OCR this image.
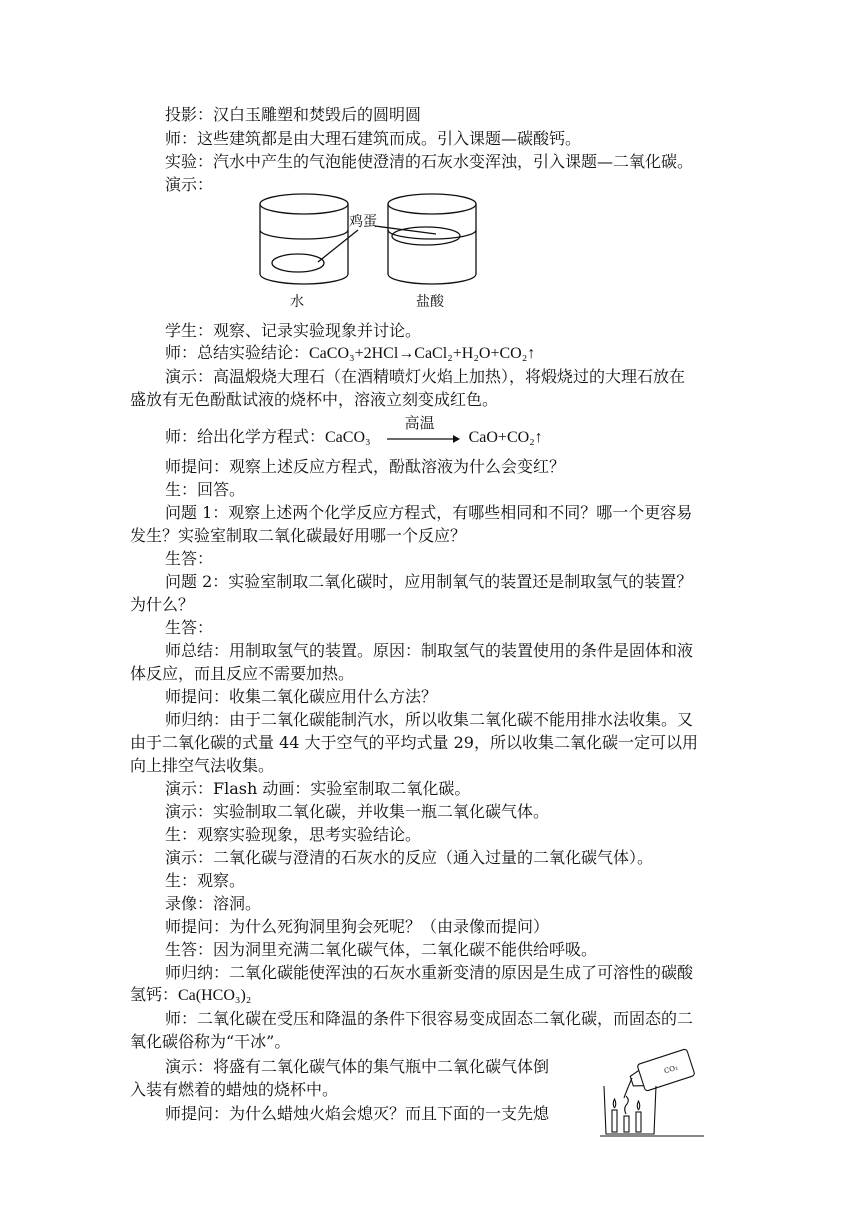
投影：汉白玉雕塑和焚毁后的圆明圆
师：这些建筑都是由大理石建筑而成。引入课题—碳酸钙。
实验：汽水中产生的气泡能使澄清的石灰水变浑浊，引入课题—二氧化碳。
演示：
鸡蛋
水	盐酸
学生：观察、记录实验现象并讨论。
师：总结实验结论：CaCO₃+2HCl→CaCl₂+H₂O+CO₂↑
演示：高温煅烧大理石（在酒精喷灯火焰上加热），将煅烧过的大理石放在
盛放有无色酚酞试液的烧杯中，溶液立刻变成红色。
师：给出化学方程式：CaCO₃
高温
CaO+CO₂↑
师提问：观察上述反应方程式，酚酞溶液为什么会变红？
生：回答。
问题 1：观察上述两个化学反应方程式，有哪些相同和不同？哪一个更容易
发生？实验室制取二氧化碳最好用哪一个反应？
生答：
问题 2：实验室制取二氧化碳时，应用制氧气的装置还是制取氢气的装置？
为什么？
生答：
师总结：用制取氢气的装置。原因：制取氢气的装置使用的条件是固体和液
体反应，而且反应不需要加热。
师提问：收集二氧化碳应用什么方法？
师归纳：由于二氧化碳能制汽水，所以收集二氧化碳不能用排水法收集。又
由于二氧化碳的式量 44 大于空气的平均式量 29，所以收集二氧化碳一定可以用
向上排空气法收集。
演示：Flash 动画：实验室制取二氧化碳。
演示：实验制取二氧化碳，并收集一瓶二氧化碳气体。
生：观察实验现象，思考实验结论。
演示：二氧化碳与澄清的石灰水的反应（通入过量的二氧化碳气体）。
生：观察。
录像：溶洞。
师提问：为什么死狗洞里狗会死呢？（由录像而提问）
生答：因为洞里充满二氧化碳气体，二氧化碳不能供给呼吸。
师归纳：二氧化碳能使浑浊的石灰水重新变清的原因是生成了可溶性的碳酸
氢钙：Ca(HCO₃)₂
师：二氧化碳在受压和降温的条件下很容易变成固态二氧化碳，而固态的二
氧化碳俗称为“干冰”。
演示：将盛有二氧化碳气体的集气瓶中二氧化碳气体倒
入装有燃着的蜡烛的烧杯中。
师提问：为什么蜡烛火焰会熄灭？而且下面的一支先熄
CO₂
